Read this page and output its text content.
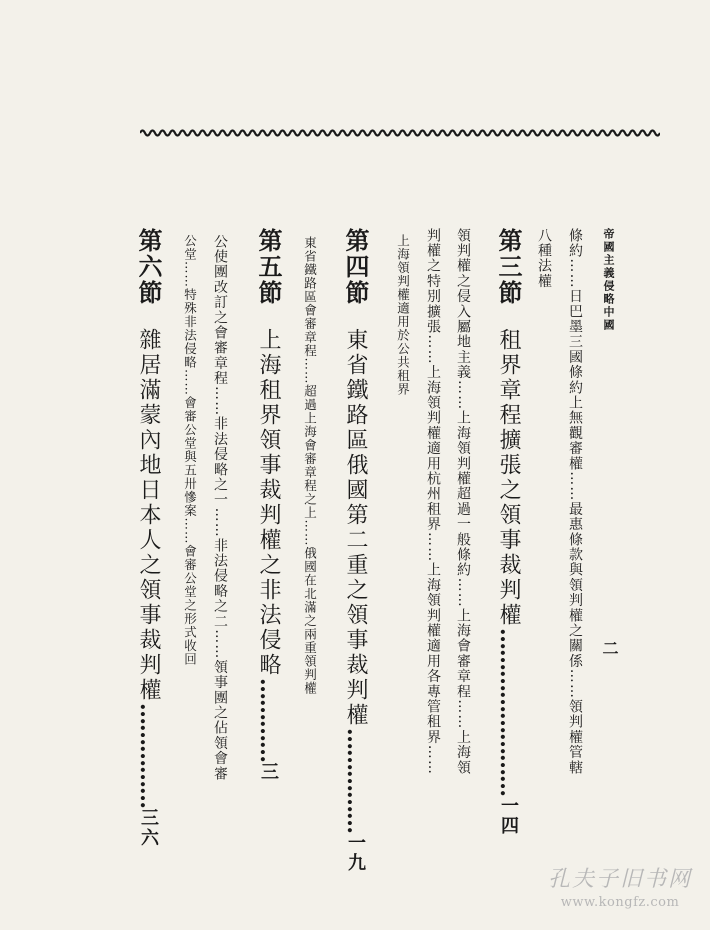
帝國主義侵略中國
二
條約……日巴墨三國條約上無觀審權……最惠條款與領判權之關係……領判權管轄
八種法權
第三節租界章程擴張之領事裁判權……………………一四
領判權之侵入屬地主義……上海領判權超過一般條約……上海會審章程……上海領
判權之特別擴張……上海領判權適用杭州租界……上海領判權適用各專管租界……
上海領判權適用於公共租界
第四節東省鐵路區俄國第二重之領事裁判權……………一九
東省鐵路區會審章程……超過上海會審章程之上……俄國在北滿之兩重領判權
第五節上海租界領事裁判權之非法侵略…………三
公使團改訂之會審章程……非法侵略之一……非法侵略之二……領事團之佔領會審
公堂……特殊非法侵略……會審公堂與五卅慘案……會審公堂之形式收回
第六節雜居滿蒙內地日本人之領事裁判權……………三六
孔夫子旧书网
www.kongfz.com
